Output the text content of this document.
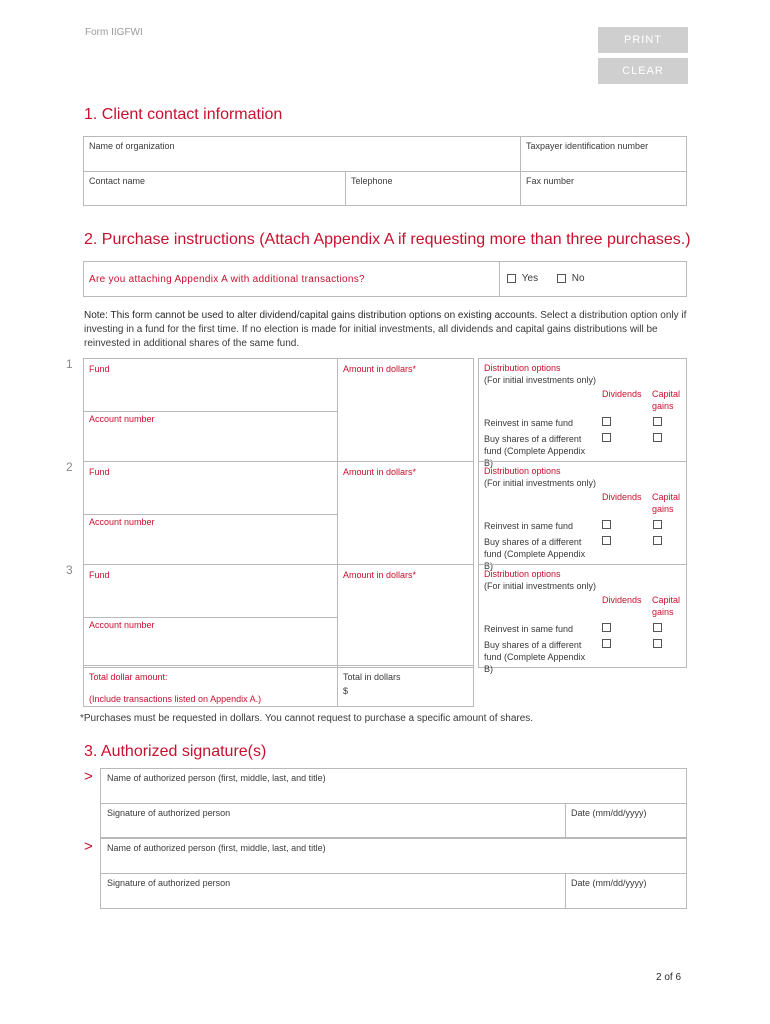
Form IIGFWI
PRINT
CLEAR
1. Client contact information
Name of organization	Taxpayer identification number
Contact name	Telephone	Fax number
2. Purchase instructions (Attach Appendix A if requesting more than three purchases.)
Are you attaching Appendix A with additional transactions?	Yes	No
Note: This form cannot be used to alter dividend/capital gains distribution options on existing accounts. Select a distribution option only if investing in a fund for the first time. If no election is made for initial investments, all dividends and capital gains distributions will be reinvested in additional shares of the same fund.
1 Fund	Amount in dollars*
Account number
Distribution options
(For initial investments only)
Dividends Capital gains
Reinvest in same fund
Buy shares of a different fund (Complete Appendix B)
2 Fund	Amount in dollars*
Account number
Distribution options
(For initial investments only)
Dividends Capital gains
Reinvest in same fund
Buy shares of a different fund (Complete Appendix B)
3 Fund	Amount in dollars*
Account number
Distribution options
(For initial investments only)
Dividends Capital gains
Reinvest in same fund
Buy shares of a different fund (Complete Appendix B)
Total dollar amount:
(Include transactions listed on Appendix A.)
Total in dollars
$
*Purchases must be requested in dollars. You cannot request to purchase a specific amount of shares.
3. Authorized signature(s)
> Name of authorized person (first, middle, last, and title)
Signature of authorized person	Date (mm/dd/yyyy)
> Name of authorized person (first, middle, last, and title)
Signature of authorized person	Date (mm/dd/yyyy)
2 of 6
